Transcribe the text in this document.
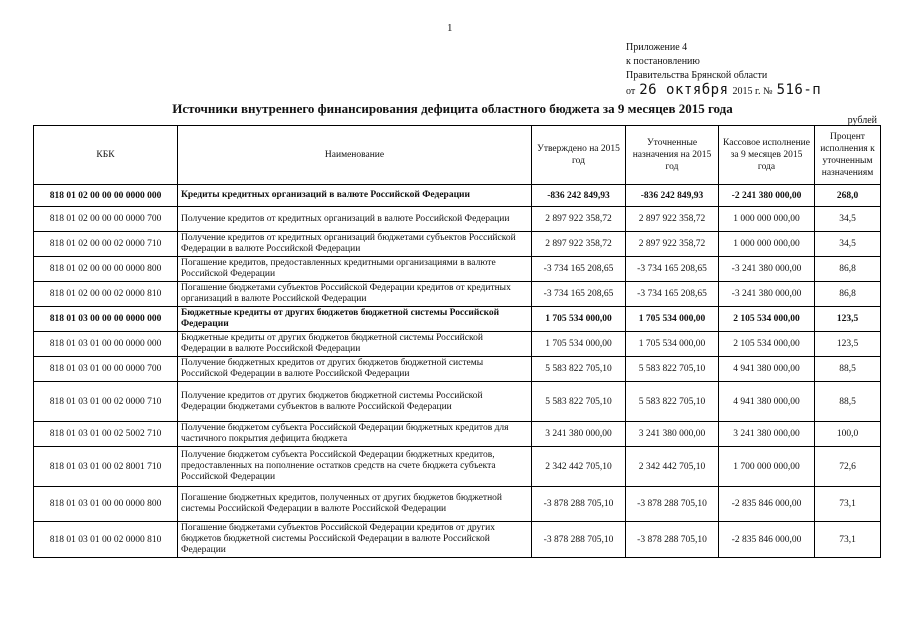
1
Приложение 4
к постановлению
Правительства Брянской области
от 26 октября 2015 г. № 516-п
Источники внутреннего финансирования дефицита областного бюджета за 9 месяцев 2015 года
рублей
КБК	Наименование	Утверждено на 2015 год	Уточненные назначения на 2015 год	Кассовое исполнение за 9 месяцев 2015 года	Процент исполнения к уточненным назначениям
818 01 02 00 00 00 0000 000	Кредиты кредитных организаций в валюте Российской Федерации	-836 242 849,93	-836 242 849,93	-2 241 380 000,00	268,0
818 01 02 00 00 00 0000 700	Получение кредитов от кредитных организаций в валюте Российской Федерации	2 897 922 358,72	2 897 922 358,72	1 000 000 000,00	34,5
818 01 02 00 00 02 0000 710	Получение кредитов от кредитных организаций бюджетами субъектов Российской Федерации в валюте Российской Федерации	2 897 922 358,72	2 897 922 358,72	1 000 000 000,00	34,5
818 01 02 00 00 00 0000 800	Погашение кредитов, предоставленных кредитными организациями в валюте Российской Федерации	-3 734 165 208,65	-3 734 165 208,65	-3 241 380 000,00	86,8
818 01 02 00 00 02 0000 810	Погашение бюджетами субъектов Российской Федерации кредитов от кредитных организаций в валюте Российской Федерации	-3 734 165 208,65	-3 734 165 208,65	-3 241 380 000,00	86,8
818 01 03 00 00 00 0000 000	Бюджетные кредиты от других бюджетов бюджетной системы Российской Федерации	1 705 534 000,00	1 705 534 000,00	2 105 534 000,00	123,5
818 01 03 01 00 00 0000 000	Бюджетные кредиты от других бюджетов бюджетной системы Российской Федерации в валюте Российской Федерации	1 705 534 000,00	1 705 534 000,00	2 105 534 000,00	123,5
818 01 03 01 00 00 0000 700	Получение бюджетных кредитов от других бюджетов бюджетной системы Российской Федерации в валюте Российской Федерации	5 583 822 705,10	5 583 822 705,10	4 941 380 000,00	88,5
818 01 03 01 00 02 0000 710	Получение кредитов от других бюджетов бюджетной системы Российской Федерации бюджетами субъектов в валюте Российской Федерации	5 583 822 705,10	5 583 822 705,10	4 941 380 000,00	88,5
818 01 03 01 00 02 5002 710	Получение бюджетом субъекта Российской Федерации бюджетных кредитов для частичного покрытия дефицита бюджета	3 241 380 000,00	3 241 380 000,00	3 241 380 000,00	100,0
818 01 03 01 00 02 8001 710	Получение бюджетом субъекта Российской Федерации бюджетных кредитов, предоставленных на пополнение остатков средств на счете бюджета субъекта Российской Федерации	2 342 442 705,10	2 342 442 705,10	1 700 000 000,00	72,6
818 01 03 01 00 00 0000 800	Погашение бюджетных кредитов, полученных от других бюджетов бюджетной системы Российской Федерации в валюте Российской Федерации	-3 878 288 705,10	-3 878 288 705,10	-2 835 846 000,00	73,1
818 01 03 01 00 02 0000 810	Погашение бюджетами субъектов Российской Федерации кредитов от других бюджетов бюджетной системы Российской Федерации в валюте Российской Федерации	-3 878 288 705,10	-3 878 288 705,10	-2 835 846 000,00	73,1
